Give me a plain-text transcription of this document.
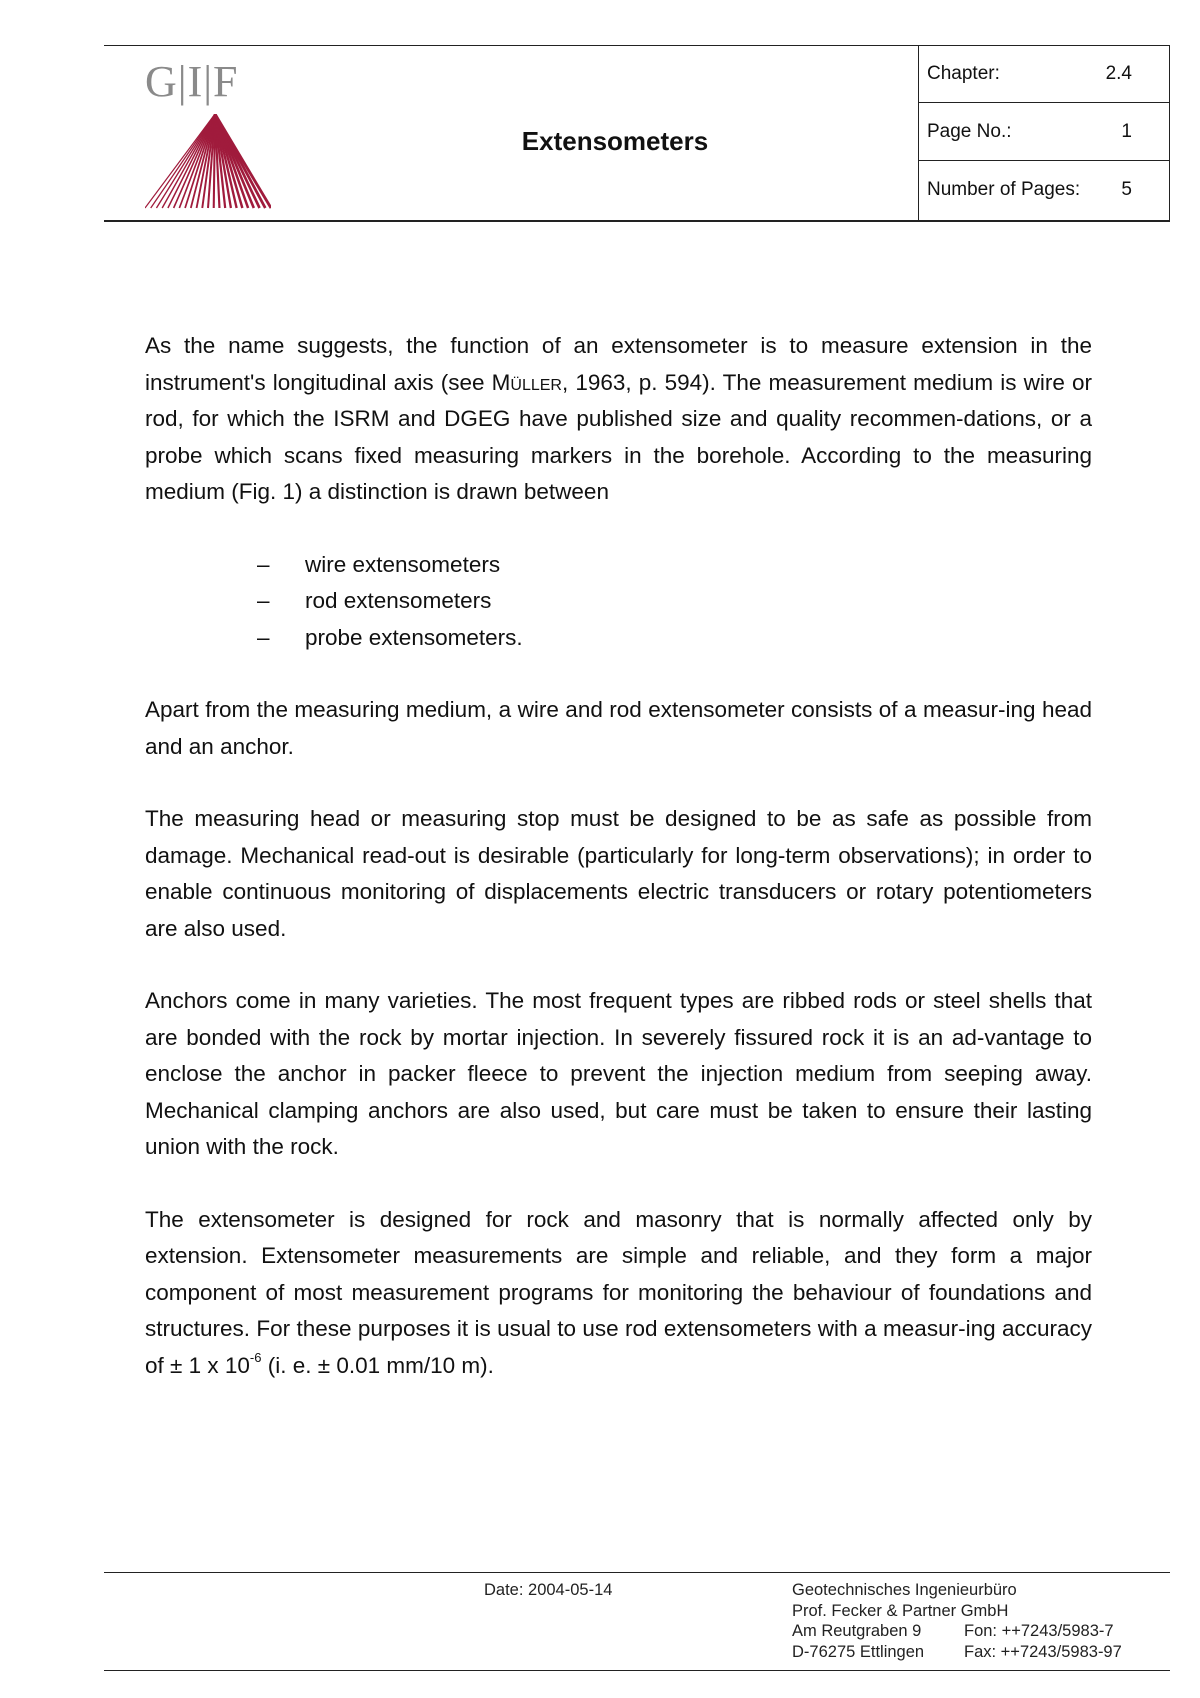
G|I|F
Extensometers
Chapter:	2.4
Page No.:	1
Number of Pages: 5

As the name suggests, the function of an extensometer is to measure extension in the instrument's longitudinal axis (see Müller, 1963, p. 594). The measurement medium is wire or rod, for which the ISRM and DGEG have published size and quality recommen-dations, or a probe which scans fixed measuring markers in the borehole. According to the measuring medium (Fig. 1) a distinction is drawn between

– wire extensometers
– rod extensometers
– probe extensometers.

Apart from the measuring medium, a wire and rod extensometer consists of a measur-ing head and an anchor.

The measuring head or measuring stop must be designed to be as safe as possible from damage. Mechanical read-out is desirable (particularly for long-term observations); in order to enable continuous monitoring of displacements electric transducers or rotary potentiometers are also used.

Anchors come in many varieties. The most frequent types are ribbed rods or steel shells that are bonded with the rock by mortar injection. In severely fissured rock it is an ad-vantage to enclose the anchor in packer fleece to prevent the injection medium from seeping away. Mechanical clamping anchors are also used, but care must be taken to ensure their lasting union with the rock.

The extensometer is designed for rock and masonry that is normally affected only by extension. Extensometer measurements are simple and reliable, and they form a major component of most measurement programs for monitoring the behaviour of foundations and structures. For these purposes it is usual to use rod extensometers with a measur-ing accuracy of ± 1 x $10^{-6}$ (i. e. ± 0.01 mm/10 m).

Date: 2004-05-14	Geotechnisches Ingenieurbüro
Prof. Fecker & Partner GmbH
Am Reutgraben 9
D-76275 Ettlingen
Fon: ++7243/5983-7
Fax: ++7243/5983-97
